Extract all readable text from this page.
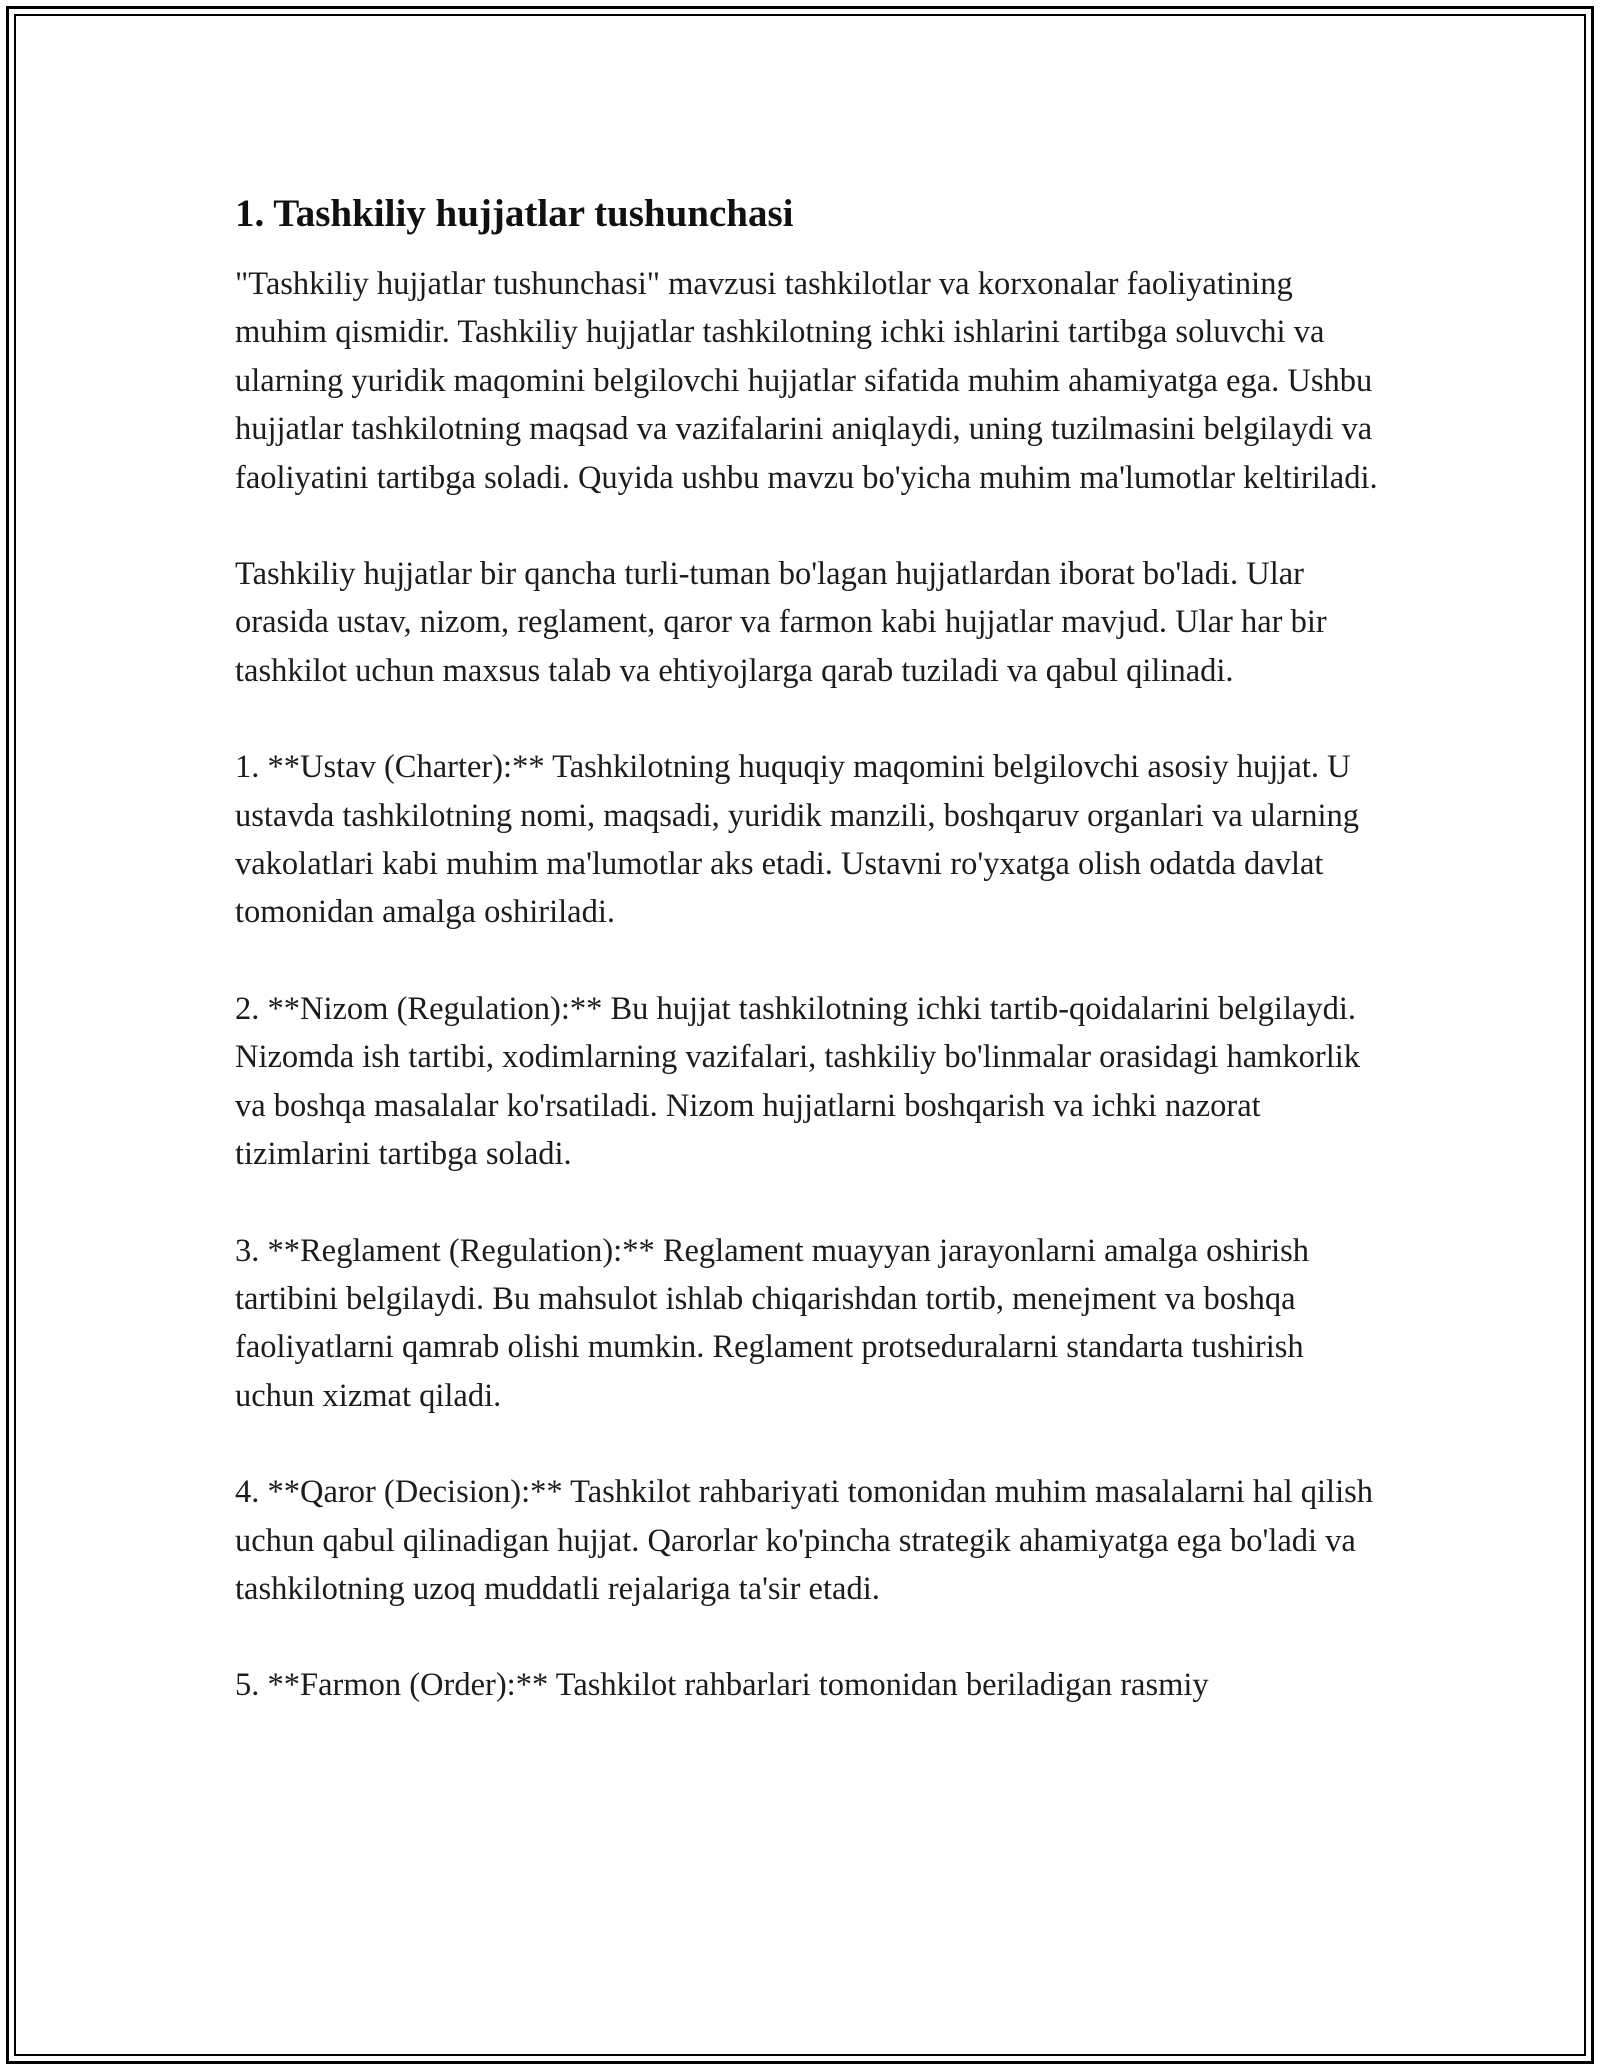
1. Tashkiliy hujjatlar tushunchasi

"Tashkiliy hujjatlar tushunchasi" mavzusi tashkilotlar va korxonalar faoliyatining muhim qismidir. Tashkiliy hujjatlar tashkilotning ichki ishlarini tartibga soluvchi va ularning yuridik maqomini belgilovchi hujjatlar sifatida muhim ahamiyatga ega. Ushbu hujjatlar tashkilotning maqsad va vazifalarini aniqlaydi, uning tuzilmasini belgilaydi va faoliyatini tartibga soladi. Quyida ushbu mavzu bo'yicha muhim ma'lumotlar keltiriladi.

Tashkiliy hujjatlar bir qancha turli-tuman bo'lagan hujjatlardan iborat bo'ladi. Ular orasida ustav, nizom, reglament, qaror va farmon kabi hujjatlar mavjud. Ular har bir tashkilot uchun maxsus talab va ehtiyojlarga qarab tuziladi va qabul qilinadi.

1. **Ustav (Charter):** Tashkilotning huquqiy maqomini belgilovchi asosiy hujjat. U ustavda tashkilotning nomi, maqsadi, yuridik manzili, boshqaruv organlari va ularning vakolatlari kabi muhim ma'lumotlar aks etadi. Ustavni ro'yxatga olish odatda davlat tomonidan amalga oshiriladi.

2. **Nizom (Regulation):** Bu hujjat tashkilotning ichki tartib-qoidalarini belgilaydi. Nizomda ish tartibi, xodimlarning vazifalari, tashkiliy bo'linmalar orasidagi hamkorlik va boshqa masalalar ko'rsatiladi. Nizom hujjatlarni boshqarish va ichki nazorat tizimlarini tartibga soladi.

3. **Reglament (Regulation):** Reglament muayyan jarayonlarni amalga oshirish tartibini belgilaydi. Bu mahsulot ishlab chiqarishdan tortib, menejment va boshqa faoliyatlarni qamrab olishi mumkin. Reglament protseduralarni standarta tushirish uchun xizmat qiladi.

4. **Qaror (Decision):** Tashkilot rahbariyati tomonidan muhim masalalarni hal qilish uchun qabul qilinadigan hujjat. Qarorlar ko'pincha strategik ahamiyatga ega bo'ladi va tashkilotning uzoq muddatli rejalariga ta'sir etadi.

5. **Farmon (Order):** Tashkilot rahbarlari tomonidan beriladigan rasmiy
